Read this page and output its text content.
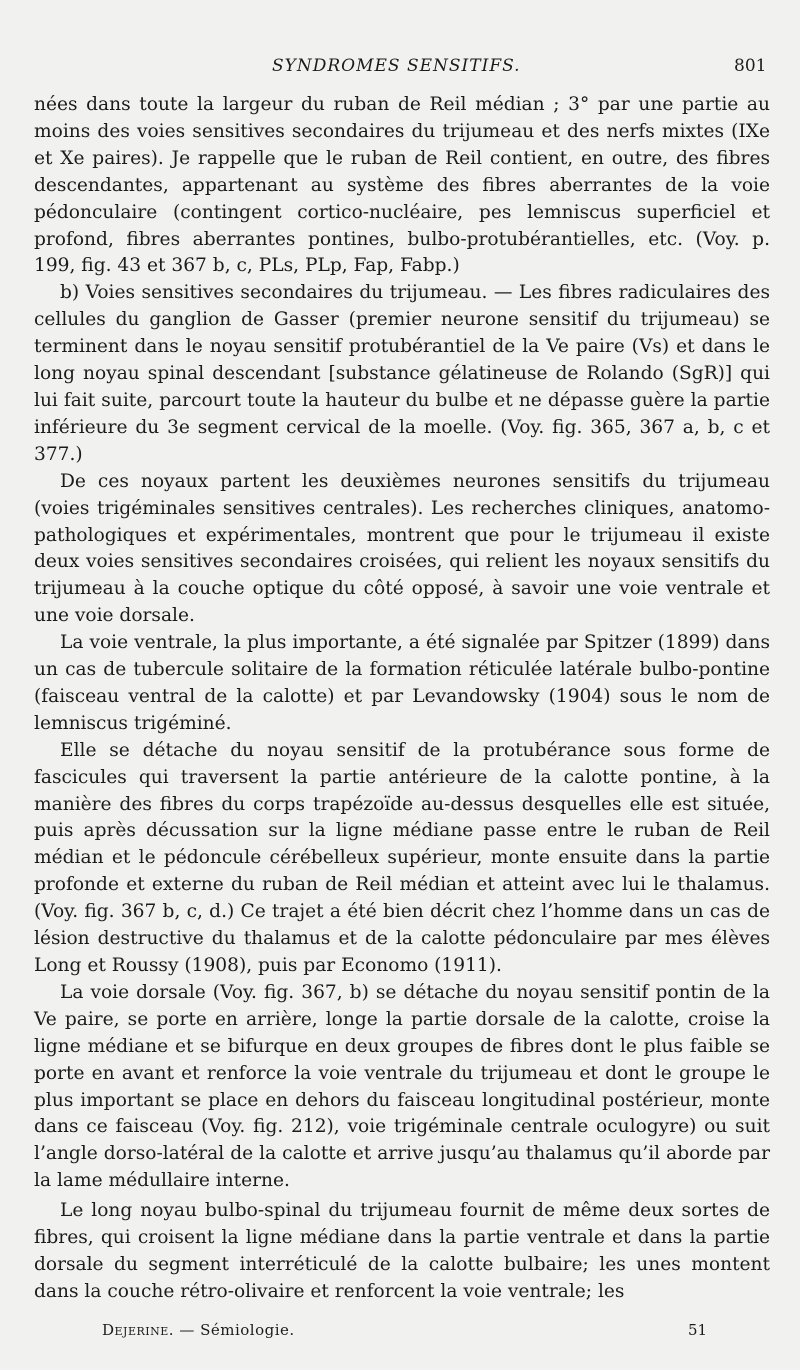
SYNDROMES SENSITIFS.	801

nées dans toute la largeur du ruban de Reil médian ; 3° par une partie au moins des voies sensitives secondaires du trijumeau et des nerfs mixtes (IXe et Xe paires). Je rappelle que le ruban de Reil contient, en outre, des fibres descendantes, appartenant au système des fibres aberrantes de la voie pédonculaire (contingent cortico-nucléaire, pes lemniscus superficiel et profond, fibres aberrantes pontines, bulbo-protubérantielles, etc. (Voy. p. 199, fig. 43 et 367 b, c, PLs, PLp, Fap, Fabp.)

b) Voies sensitives secondaires du trijumeau. — Les fibres radiculaires des cellules du ganglion de Gasser (premier neurone sensitif du trijumeau) se terminent dans le noyau sensitif protubérantiel de la Ve paire (Vs) et dans le long noyau spinal descendant [substance gélatineuse de Rolando (SgR)] qui lui fait suite, parcourt toute la hauteur du bulbe et ne dépasse guère la partie inférieure du 3e segment cervical de la moelle. (Voy. fig. 365, 367 a, b, c et 377.)

De ces noyaux partent les deuxièmes neurones sensitifs du trijumeau (voies trigéminales sensitives centrales). Les recherches cliniques, anatomo-pathologiques et expérimentales, montrent que pour le trijumeau il existe deux voies sensitives secondaires croisées, qui relient les noyaux sensitifs du trijumeau à la couche optique du côté opposé, à savoir une voie ventrale et une voie dorsale.

La voie ventrale, la plus importante, a été signalée par Spitzer (1899) dans un cas de tubercule solitaire de la formation réticulée latérale bulbo-pontine (faisceau ventral de la calotte) et par Levandowsky (1904) sous le nom de lemniscus trigéminé.

Elle se détache du noyau sensitif de la protubérance sous forme de fascicules qui traversent la partie antérieure de la calotte pontine, à la manière des fibres du corps trapézoïde au-dessus desquelles elle est située, puis après décussation sur la ligne médiane passe entre le ruban de Reil médian et le pédoncule cérébelleux supérieur, monte ensuite dans la partie profonde et externe du ruban de Reil médian et atteint avec lui le thalamus. (Voy. fig. 367 b, c, d.) Ce trajet a été bien décrit chez l’homme dans un cas de lésion destructive du thalamus et de la calotte pédonculaire par mes élèves Long et Roussy (1908), puis par Economo (1911).

La voie dorsale (Voy. fig. 367, b) se détache du noyau sensitif pontin de la Ve paire, se porte en arrière, longe la partie dorsale de la calotte, croise la ligne médiane et se bifurque en deux groupes de fibres dont le plus faible se porte en avant et renforce la voie ventrale du trijumeau et dont le groupe le plus important se place en dehors du faisceau longitudinal postérieur, monte dans ce faisceau (Voy. fig. 212), voie trigéminale centrale oculogyre) ou suit l’angle dorso-latéral de la calotte et arrive jusqu’au thalamus qu’il aborde par la lame médullaire interne.

Le long noyau bulbo-spinal du trijumeau fournit de même deux sortes de fibres, qui croisent la ligne médiane dans la partie ventrale et dans la partie dorsale du segment interréticulé de la calotte bulbaire; les unes montent dans la couche rétro-olivaire et renforcent la voie ventrale; les

Dejerine. — Sémiologie.	51
